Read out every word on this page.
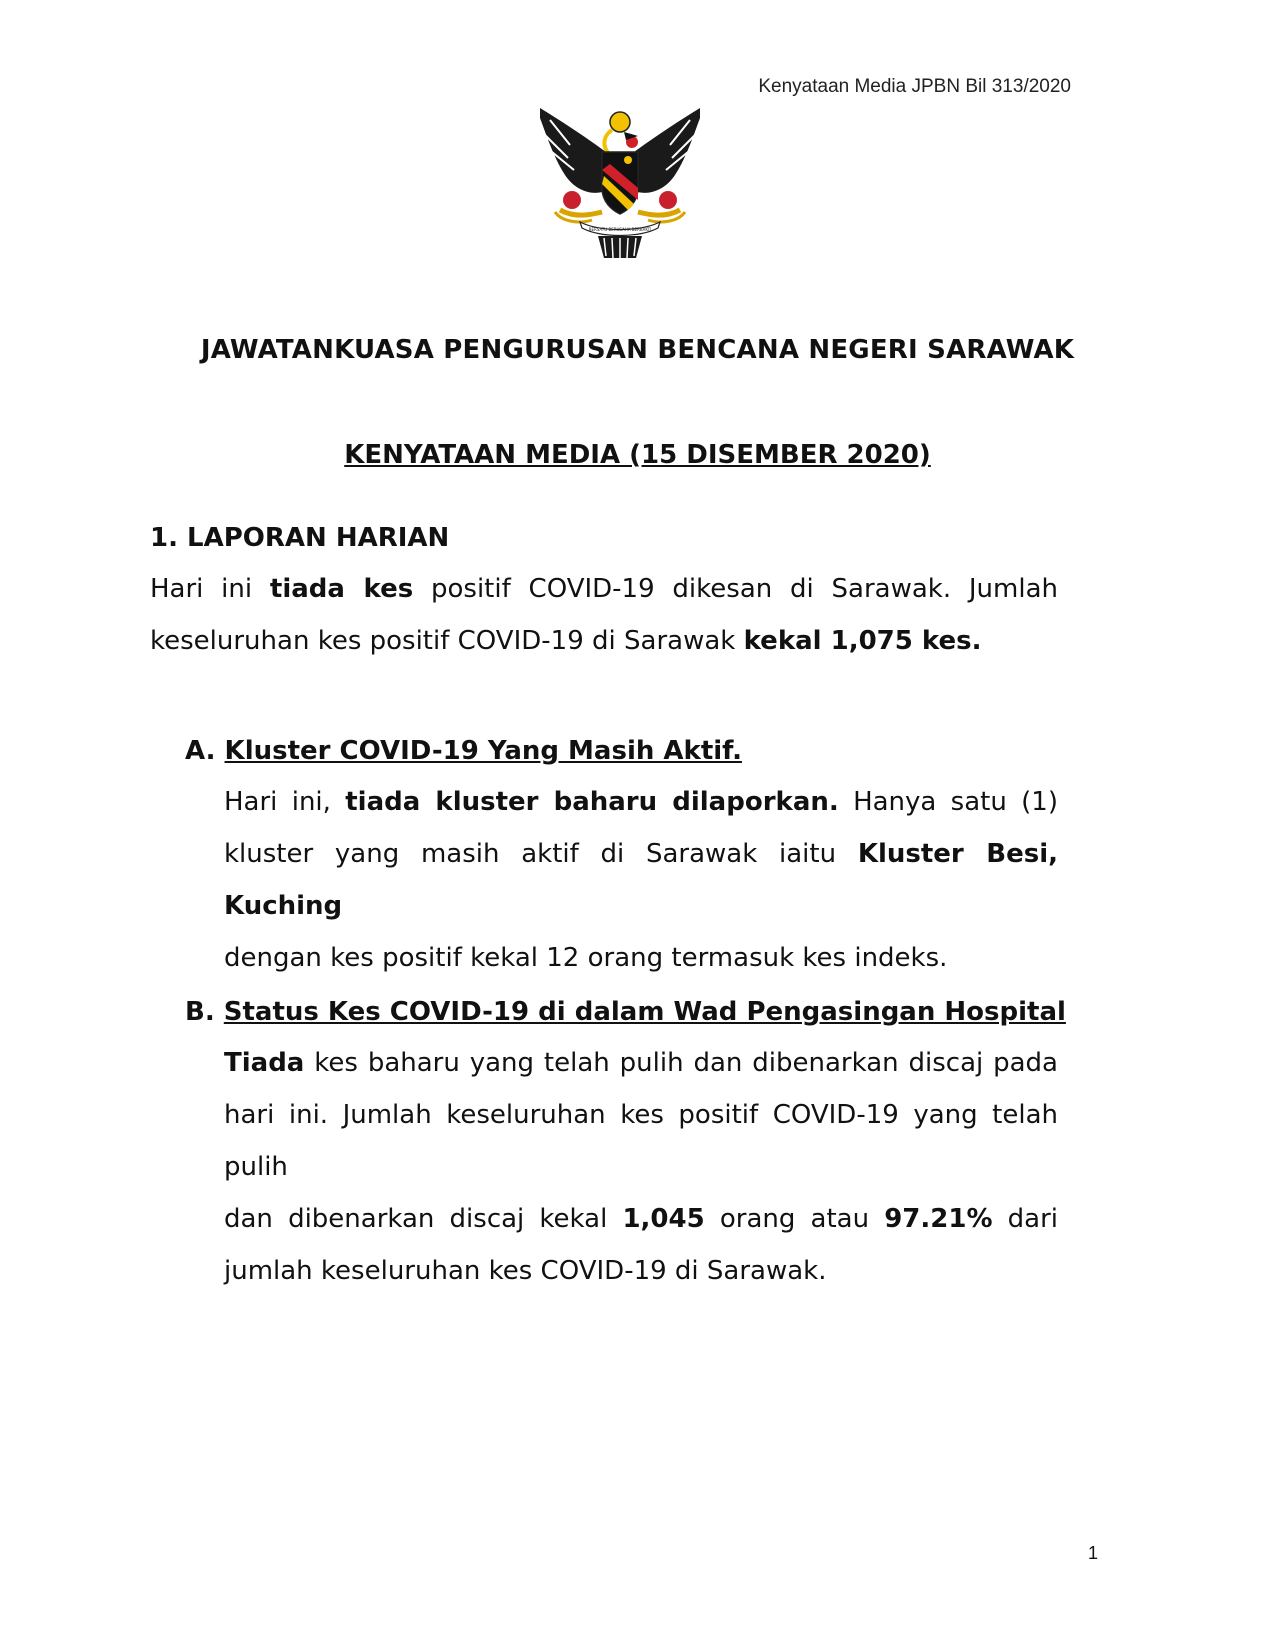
Kenyataan Media JPBN Bil 313/2020
BERSATU BERUSAHA BERBAKTI
JAWATANKUASA PENGURUSAN BENCANA NEGERI SARAWAK
KENYATAAN MEDIA (15 DISEMBER 2020)
1. LAPORAN HARIAN
Hari ini tiada kes positif COVID-19 dikesan di Sarawak. Jumlah
keseluruhan kes positif COVID-19 di Sarawak kekal 1,075 kes.
A. Kluster COVID-19 Yang Masih Aktif.
Hari ini, tiada kluster baharu dilaporkan. Hanya satu (1)
kluster yang masih aktif di Sarawak iaitu Kluster Besi, Kuching
dengan kes positif kekal 12 orang termasuk kes indeks.
B. Status Kes COVID-19 di dalam Wad Pengasingan Hospital
Tiada kes baharu yang telah pulih dan dibenarkan discaj pada
hari ini. Jumlah keseluruhan kes positif COVID-19 yang telah pulih
dan dibenarkan discaj kekal 1,045 orang atau 97.21% dari
jumlah keseluruhan kes COVID-19 di Sarawak.
1
